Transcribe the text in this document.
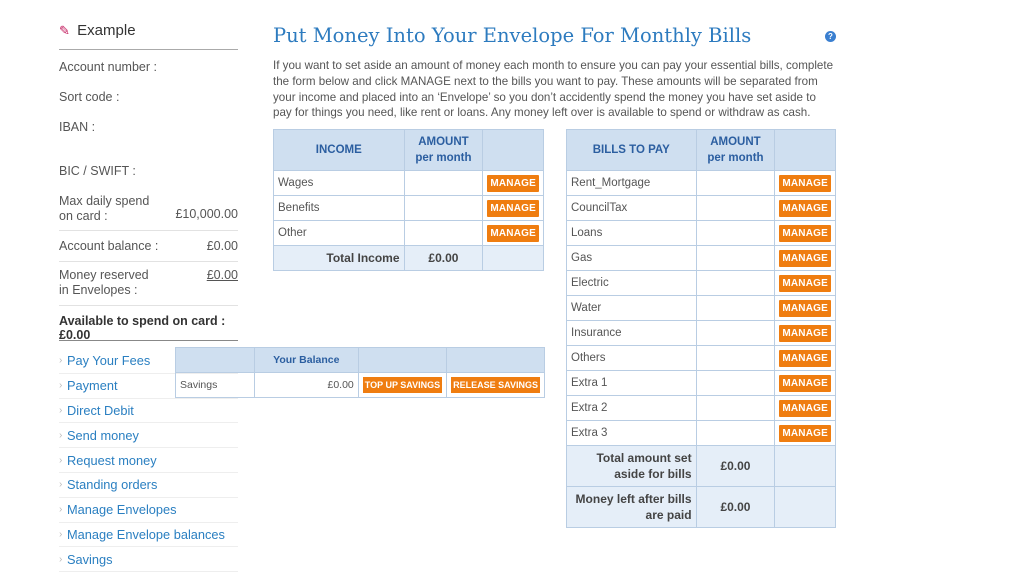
✎ Example
Account number :
Sort code :
IBAN :
BIC / SWIFT :
Max daily spend on card :	£10,000.00
Account balance :	£0.00
Money reserved in Envelopes :
£0.00
Available to spend on card :£0.00
› Pay Your Fees
› Payment
› Direct Debit
› Send money
› Request money
› Standing orders
› Manage Envelopes
› Manage Envelope balances
› Savings
Put Money Into Your Envelope For Monthly Bills	?
If you want to set aside an amount of money each month to ensure you can pay your essential bills, complete the form below and click MANAGE next to the bills you want to pay. These amounts will be separated from your income and placed into an ‘Envelope’ so you don’t accidently spend the money you have set aside to pay for things you need, like rent or loans. Any money left over is available to spend or withdraw as cash.
INCOME	AMOUNT
per month	
Wages		MANAGE
Benefits		MANAGE
Other		MANAGE
Total Income	£0.00	
BILLS TO PAY	AMOUNT
per month	
Rent_Mortgage		MANAGE
CouncilTax		MANAGE
Loans		MANAGE
Gas		MANAGE
Electric		MANAGE
Water		MANAGE
Insurance		MANAGE
Others		MANAGE
Extra 1		MANAGE
Extra 2		MANAGE
Extra 3		MANAGE
Total amount set aside for bills	£0.00	
Money left after bills are paid	£0.00	
	Your Balance		
Savings	£0.00	TOP UP SAVINGS	RELEASE SAVINGS
